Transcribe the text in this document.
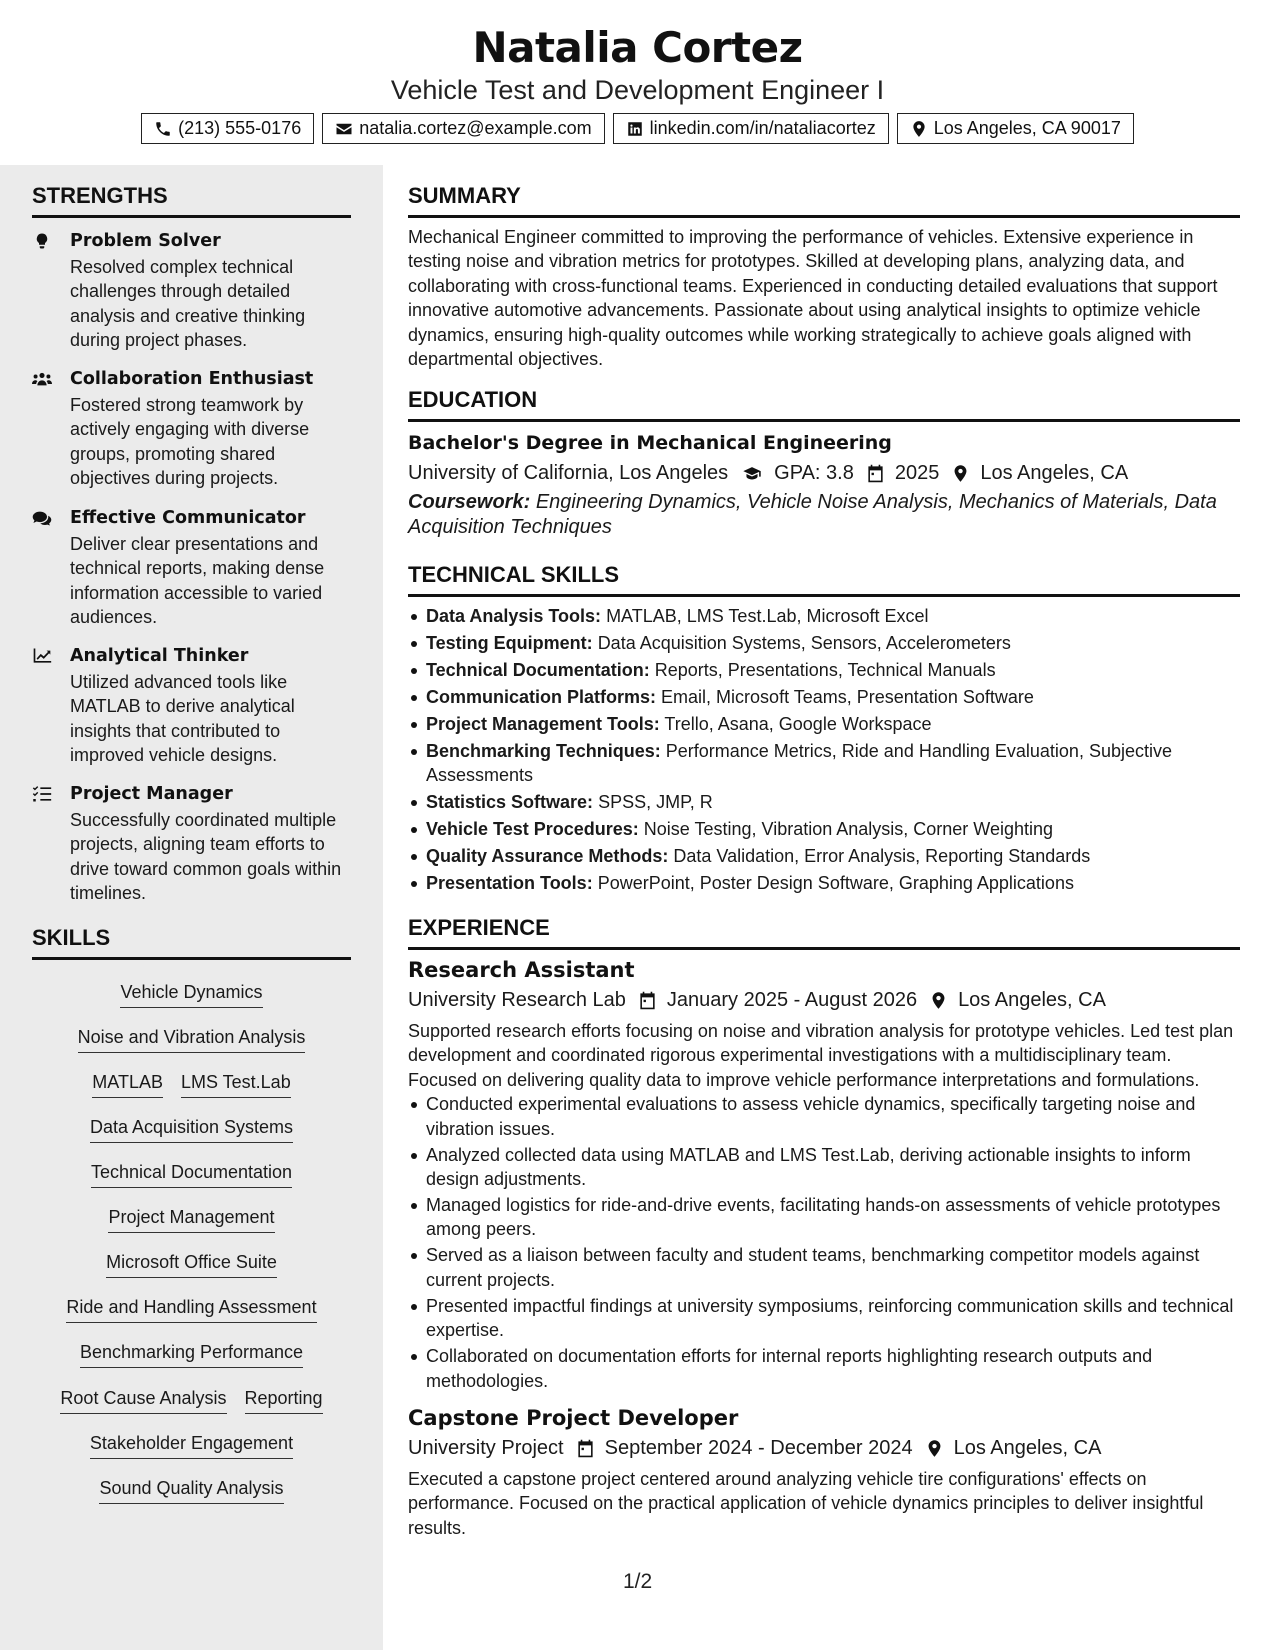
Natalia Cortez
Vehicle Test and Development Engineer I
(213) 555-0176	natalia.cortez@example.com	linkedin.com/in/nataliacortez	Los Angeles, CA 90017
STRENGTHS
Problem Solver
Resolved complex technical challenges through detailed analysis and creative thinking during project phases.
Collaboration Enthusiast
Fostered strong teamwork by actively engaging with diverse groups, promoting shared objectives during projects.
Effective Communicator
Deliver clear presentations and technical reports, making dense information accessible to varied audiences.
Analytical Thinker
Utilized advanced tools like MATLAB to derive analytical insights that contributed to improved vehicle designs.
Project Manager
Successfully coordinated multiple projects, aligning team efforts to drive toward common goals within timelines.
SKILLS
Vehicle Dynamics
Noise and Vibration Analysis
MATLAB LMS Test.Lab
Data Acquisition Systems
Technical Documentation
Project Management
Microsoft Office Suite
Ride and Handling Assessment
Benchmarking Performance
Root Cause Analysis Reporting
Stakeholder Engagement
Sound Quality Analysis
SUMMARY
Mechanical Engineer committed to improving the performance of vehicles. Extensive experience in testing noise and vibration metrics for prototypes. Skilled at developing plans, analyzing data, and collaborating with cross-functional teams. Experienced in conducting detailed evaluations that support innovative automotive advancements. Passionate about using analytical insights to optimize vehicle dynamics, ensuring high-quality outcomes while working strategically to achieve goals aligned with departmental objectives.
EDUCATION
Bachelor's Degree in Mechanical Engineering
University of California, Los Angeles GPA: 3.8 2025 Los Angeles, CA
Coursework: Engineering Dynamics, Vehicle Noise Analysis, Mechanics of Materials, Data Acquisition Techniques
TECHNICAL SKILLS
Data Analysis Tools: MATLAB, LMS Test.Lab, Microsoft Excel
Testing Equipment: Data Acquisition Systems, Sensors, Accelerometers
Technical Documentation: Reports, Presentations, Technical Manuals
Communication Platforms: Email, Microsoft Teams, Presentation Software
Project Management Tools: Trello, Asana, Google Workspace
Benchmarking Techniques: Performance Metrics, Ride and Handling Evaluation, Subjective Assessments
Statistics Software: SPSS, JMP, R
Vehicle Test Procedures: Noise Testing, Vibration Analysis, Corner Weighting
Quality Assurance Methods: Data Validation, Error Analysis, Reporting Standards
Presentation Tools: PowerPoint, Poster Design Software, Graphing Applications
EXPERIENCE
Research Assistant
University Research Lab January 2025 - August 2026 Los Angeles, CA
Supported research efforts focusing on noise and vibration analysis for prototype vehicles. Led test plan development and coordinated rigorous experimental investigations with a multidisciplinary team. Focused on delivering quality data to improve vehicle performance interpretations and formulations.
Conducted experimental evaluations to assess vehicle dynamics, specifically targeting noise and vibration issues.
Analyzed collected data using MATLAB and LMS Test.Lab, deriving actionable insights to inform design adjustments.
Managed logistics for ride-and-drive events, facilitating hands-on assessments of vehicle prototypes among peers.
Served as a liaison between faculty and student teams, benchmarking competitor models against current projects.
Presented impactful findings at university symposiums, reinforcing communication skills and technical expertise.
Collaborated on documentation efforts for internal reports highlighting research outputs and methodologies.
Capstone Project Developer
University Project September 2024 - December 2024 Los Angeles, CA
Executed a capstone project centered around analyzing vehicle tire configurations' effects on performance. Focused on the practical application of vehicle dynamics principles to deliver insightful results.
1/2
